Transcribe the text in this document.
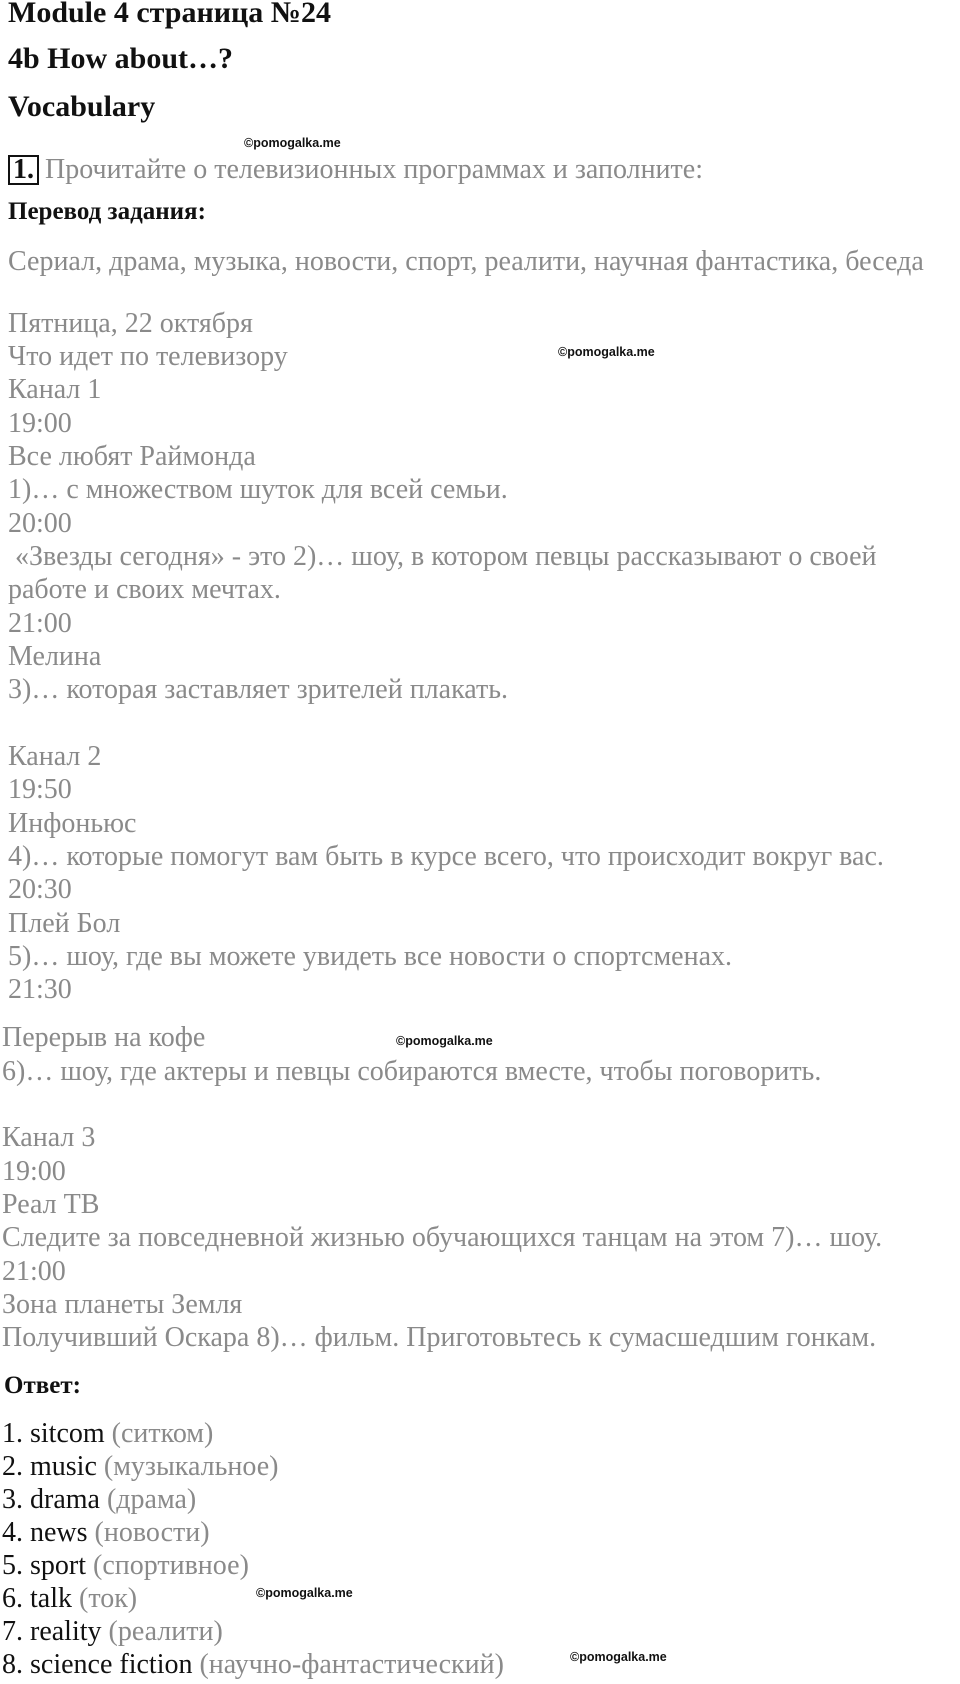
Module 4 страница №24
4b How about…?
Vocabulary
©pomogalka.me
1. Прочитайте о телевизионных программах и заполните:
Перевод задания:
Сериал, драма, музыка, новости, спорт, реалити, научная фантастика, беседа
Пятница, 22 октября
Что идет по телевизору	©pomogalka.me
Канал 1
19:00
Все любят Раймонда
1)… с множеством шуток для всей семьи.
20:00
«Звезды сегодня» - это 2)… шоу, в котором певцы рассказывают о своей
работе и своих мечтах.
21:00
Мелина
3)… которая заставляет зрителей плакать.
Канал 2
19:50
Инфоньюс
4)… которые помогут вам быть в курсе всего, что происходит вокруг вас.
20:30
Плей Бол
5)… шоу, где вы можете увидеть все новости о спортсменах.
21:30
Перерыв на кофе	©pomogalka.me
6)… шоу, где актеры и певцы собираются вместе, чтобы поговорить.
Канал 3
19:00
Реал ТВ
Следите за повседневной жизнью обучающихся танцам на этом 7)… шоу.
21:00
Зона планеты Земля
Получивший Оскара 8)… фильм. Приготовьтесь к сумасшедшим гонкам.
Ответ:
1. sitcom (ситком)
2. music (музыкальное)
3. drama (драма)
4. news (новости)
5. sport (спортивное)
6. talk (ток)	©pomogalka.me
7. reality (реалити)
©pomogalka.me
8. science fiction (научно-фантастический)
